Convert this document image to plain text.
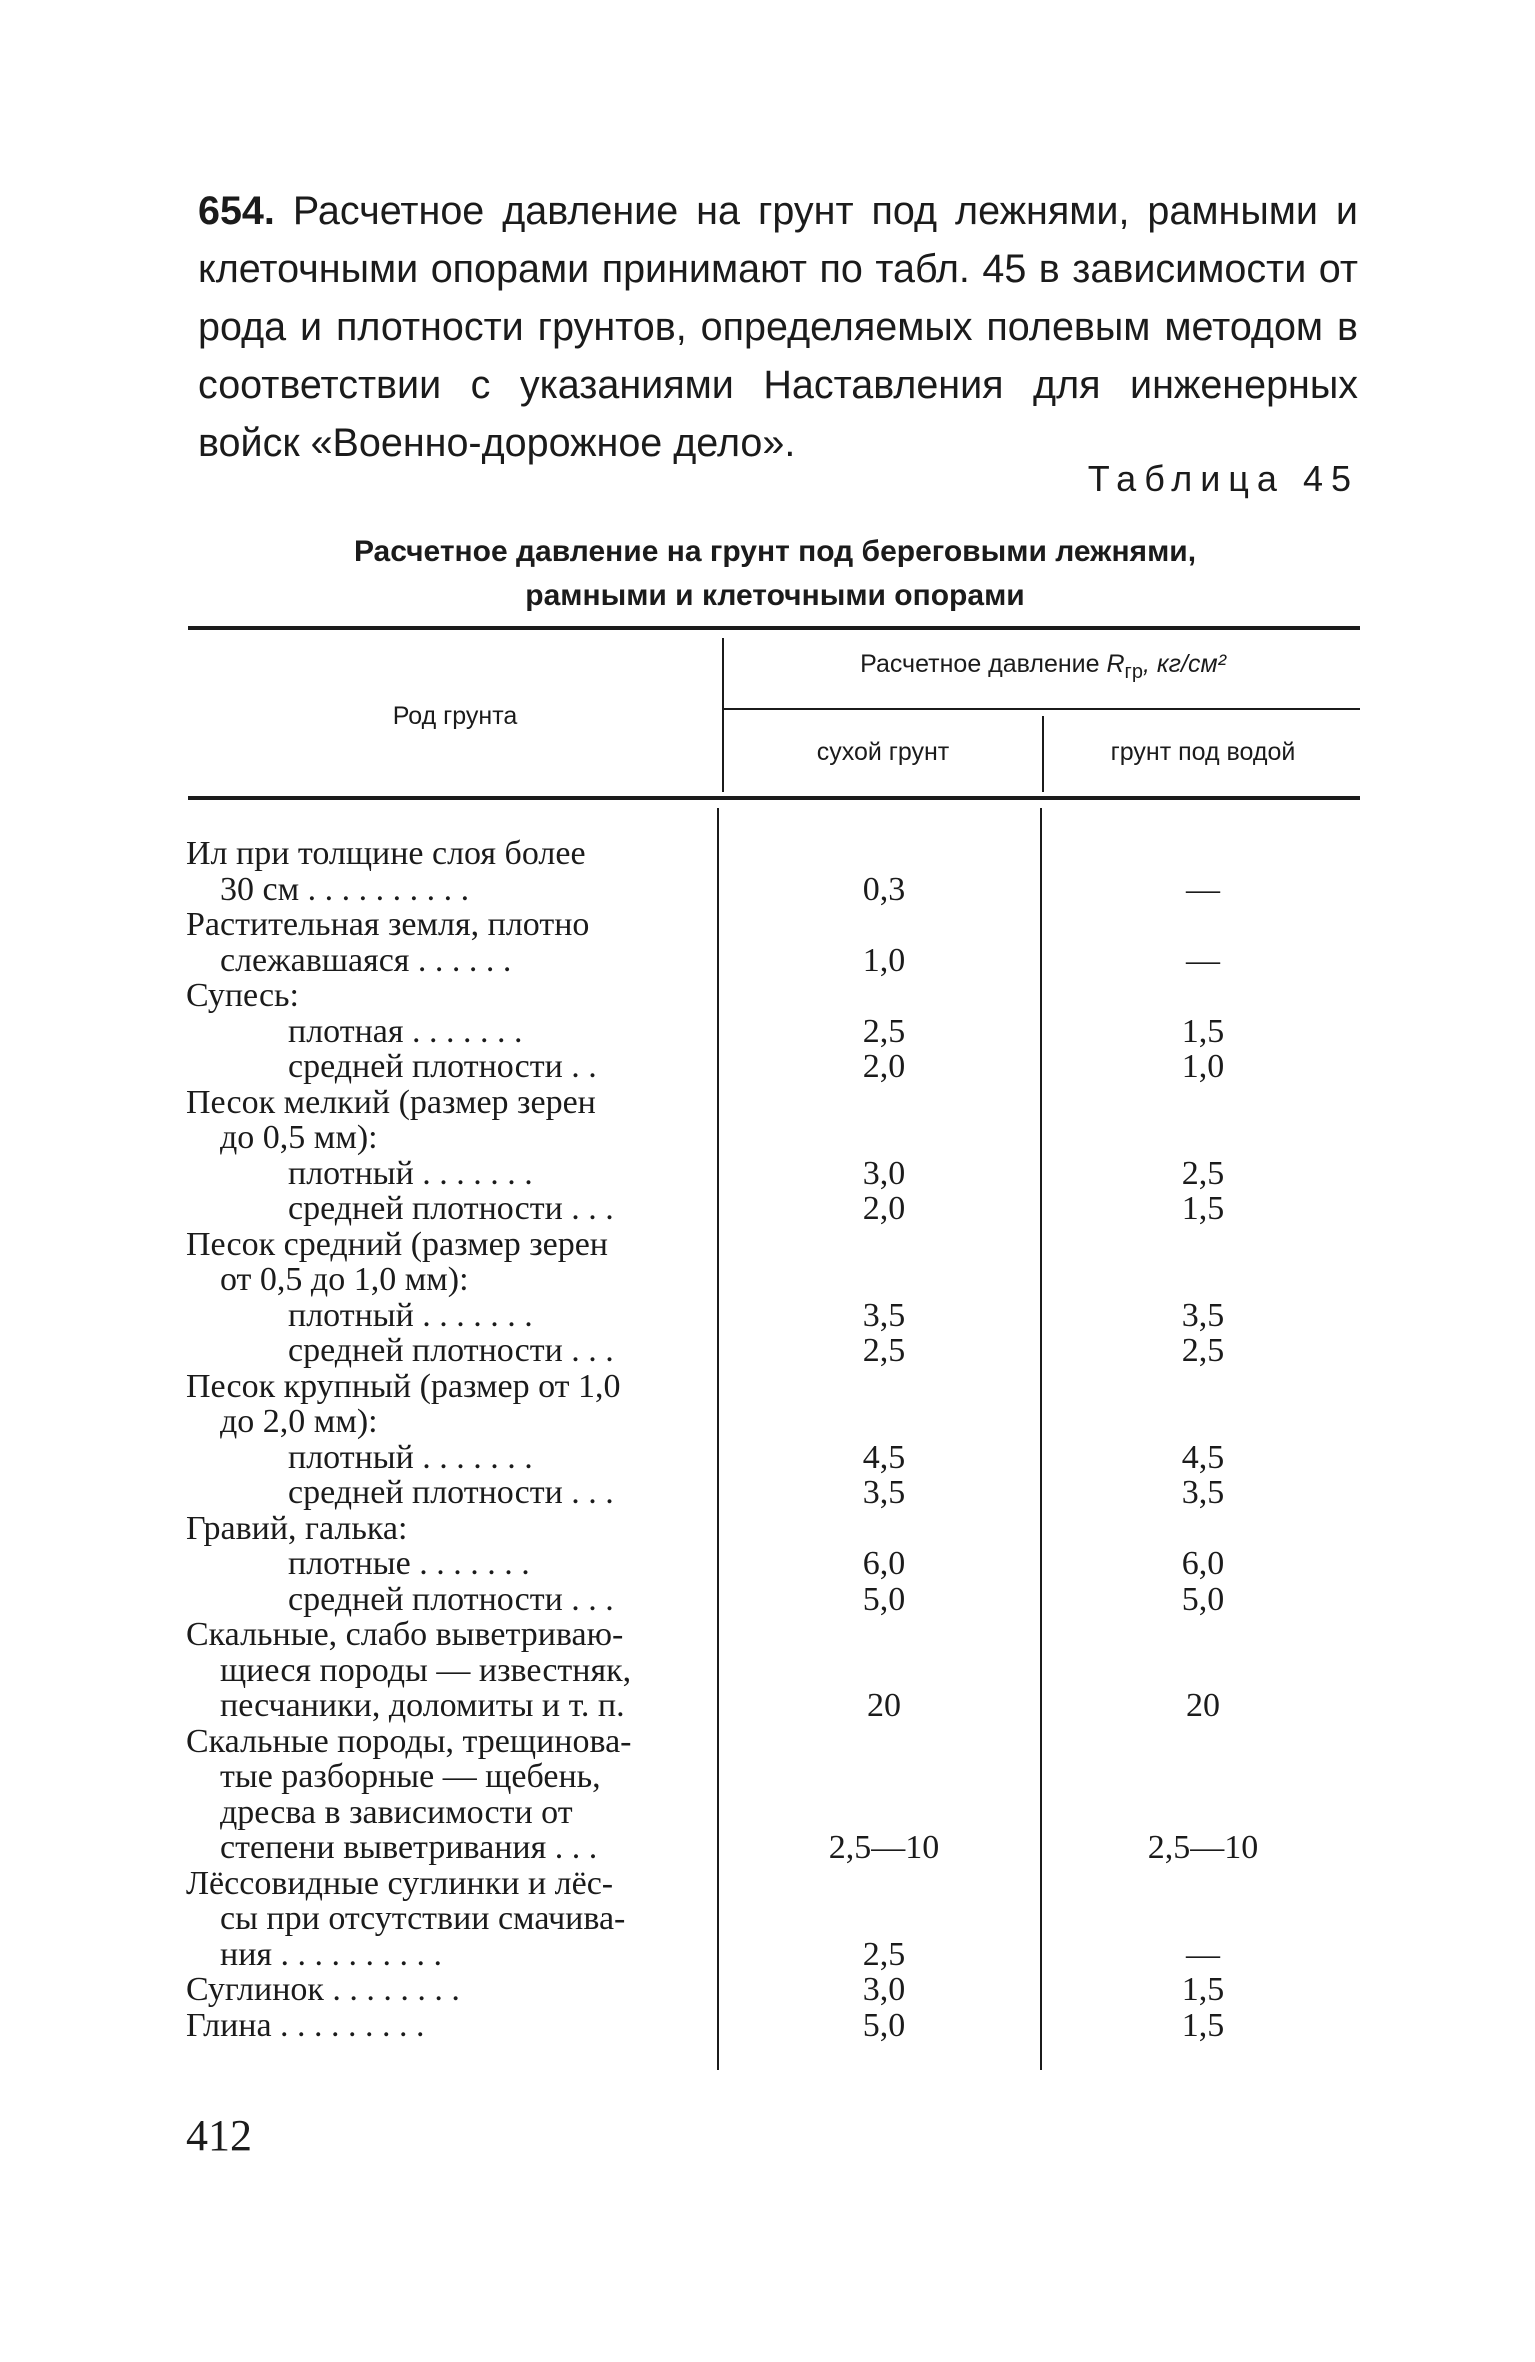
654. Расчетное давление на грунт под лежнями, рамными и клеточными опорами принимают по табл. 45 в зависимости от рода и плотности грунтов, определяемых полевым методом в соответствии с указаниями Наставления для инженерных войск «Военно-дорожное дело».

Таблица 45
Расчетное давление на грунт под береговыми лежнями,
рамными и клеточными опорами
Род грунта
Расчетное давление $R_{гр}$, кг/см²
сухой грунт	грунт под водой
Ил при толщине слоя более
30 см . . . . . . . . . .	0,3	—
Растительная земля, плотно
слежавшаяся . . . . . .	1,0	—
Супесь:
плотная . . . . . . .	2,5	1,5
средней плотности . .	2,0	1,0
Песок мелкий (размер зерен
до 0,5 мм):
плотный . . . . . . .	3,0	2,5
средней плотности . . .	2,0	1,5
Песок средний (размер зерен
от 0,5 до 1,0 мм):
плотный . . . . . . .	3,5	3,5
средней плотности . . .	2,5	2,5
Песок крупный (размер от 1,0
до 2,0 мм):
плотный . . . . . . .	4,5	4,5
средней плотности . . .	3,5	3,5
Гравий, галька:
плотные . . . . . . .	6,0	6,0
средней плотности . . .	5,0	5,0
Скальные, слабо выветриваю-
щиеся породы — известняк,
песчаники, доломиты и т. п.	20	20
Скальные породы, трещинова-
тые разборные — щебень,
дресва в зависимости от
степени выветривания . . .	2,5—10	2,5—10
Лёссовидные суглинки и лёс-
сы при отсутствии смачива-
ния . . . . . . . . . .	2,5	—
Суглинок . . . . . . . .	3,0	1,5
Глина . . . . . . . . .	5,0	1,5
412
